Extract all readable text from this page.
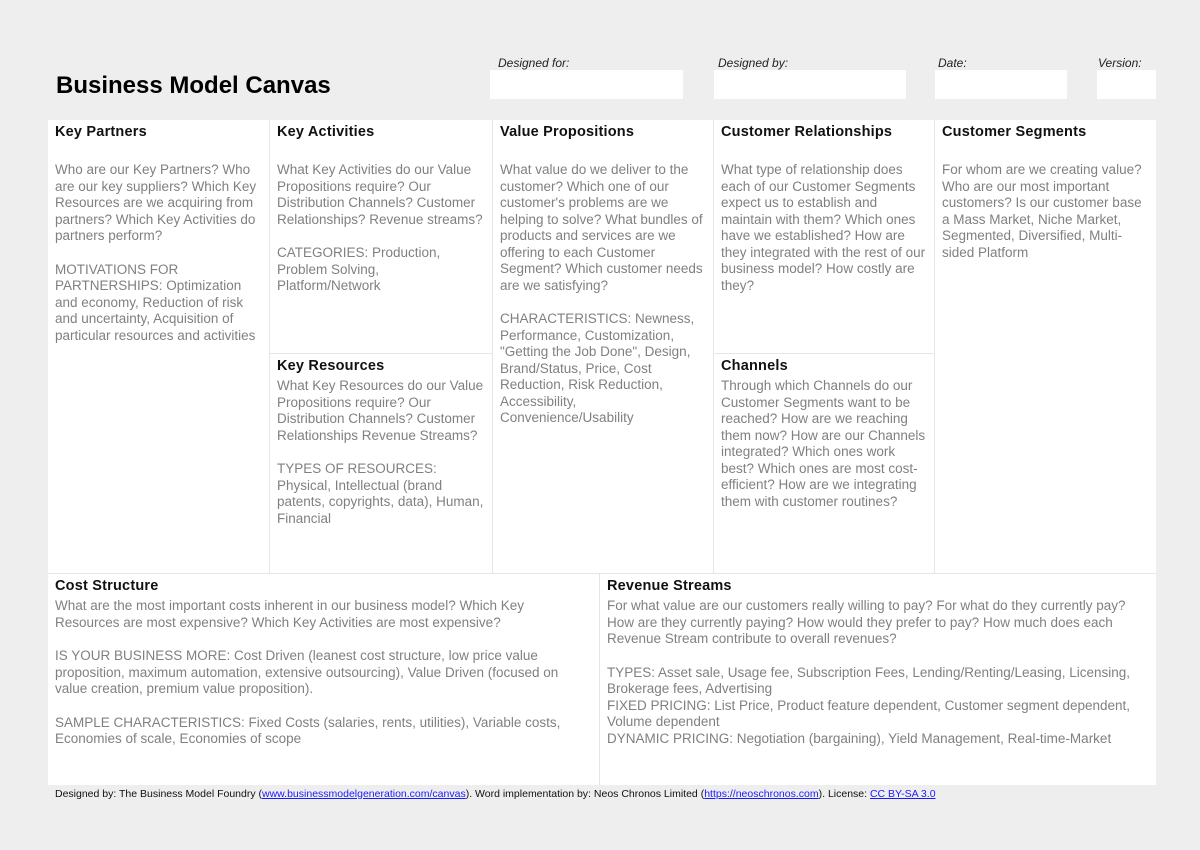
Business Model Canvas
Designed for:	Designed by:	Date:	Version:
Key Partners

Who are our Key Partners? Who are our key suppliers? Which Key Resources are we acquiring from partners? Which Key Activities do partners perform?

MOTIVATIONS FOR PARTNERSHIPS: Optimization and economy, Reduction of risk and uncertainty, Acquisition of particular resources and activities

Key Activities

What Key Activities do our Value Propositions require? Our Distribution Channels? Customer Relationships? Revenue streams?

CATEGORIES: Production, Problem Solving, Platform/Network

Key Resources

What Key Resources do our Value Propositions require? Our Distribution Channels? Customer Relationships Revenue Streams?

TYPES OF RESOURCES: Physical, Intellectual (brand patents, copyrights, data), Human, Financial

Value Propositions

What value do we deliver to the customer? Which one of our customer's problems are we helping to solve? What bundles of products and services are we offering to each Customer Segment? Which customer needs are we satisfying?

CHARACTERISTICS: Newness, Performance, Customization, "Getting the Job Done", Design, Brand/Status, Price, Cost Reduction, Risk Reduction, Accessibility, Convenience/Usability

Customer Relationships

What type of relationship does each of our Customer Segments expect us to establish and maintain with them? Which ones have we established? How are they integrated with the rest of our business model? How costly are they?

Channels

Through which Channels do our Customer Segments want to be reached? How are we reaching them now? How are our Channels integrated? Which ones work best? Which ones are most cost-efficient? How are we integrating them with customer routines?

Customer Segments

For whom are we creating value? Who are our most important customers? Is our customer base a Mass Market, Niche Market, Segmented, Diversified, Multi-sided Platform

Cost Structure

What are the most important costs inherent in our business model? Which Key Resources are most expensive? Which Key Activities are most expensive?

IS YOUR BUSINESS MORE: Cost Driven (leanest cost structure, low price value proposition, maximum automation, extensive outsourcing), Value Driven (focused on value creation, premium value proposition).

SAMPLE CHARACTERISTICS: Fixed Costs (salaries, rents, utilities), Variable costs, Economies of scale, Economies of scope

Revenue Streams

For what value are our customers really willing to pay? For what do they currently pay? How are they currently paying? How would they prefer to pay? How much does each Revenue Stream contribute to overall revenues?

TYPES: Asset sale, Usage fee, Subscription Fees, Lending/Renting/Leasing, Licensing, Brokerage fees, Advertising

FIXED PRICING: List Price, Product feature dependent, Customer segment dependent, Volume dependent

DYNAMIC PRICING: Negotiation (bargaining), Yield Management, Real-time-Market

Designed by: The Business Model Foundry (www.businessmodelgeneration.com/canvas). Word implementation by: Neos Chronos Limited (https://neoschronos.com). License: CC BY-SA 3.0
